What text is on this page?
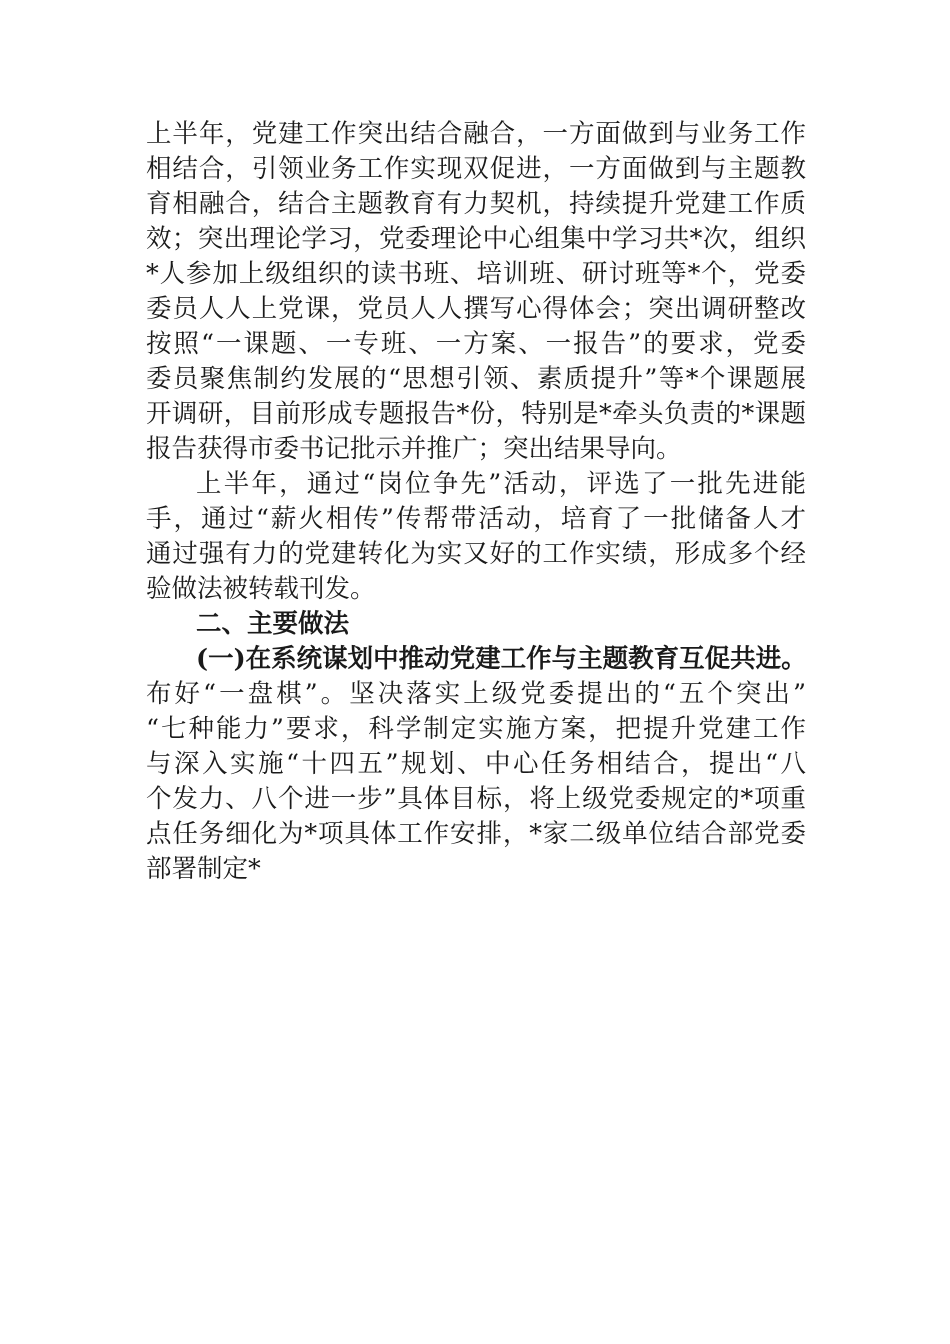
上半年，党建工作突出结合融合，一方面做到与业务工作
相结合，引领业务工作实现双促进，一方面做到与主题教
育相融合，结合主题教育有力契机，持续提升党建工作质
效；突出理论学习，党委理论中心组集中学习共*次，组织
*人参加上级组织的读书班、培训班、研讨班等*个，党委
委员人人上党课，党员人人撰写心得体会；突出调研整改
按照“一课题、一专班、一方案、一报告”的要求，党委
委员聚焦制约发展的“思想引领、素质提升”等*个课题展
开调研，目前形成专题报告*份，特别是*牵头负责的*课题
报告获得市委书记批示并推广；突出结果导向。
上半年，通过“岗位争先”活动，评选了一批先进能
手，通过“薪火相传”传帮带活动，培育了一批储备人才
通过强有力的党建转化为实又好的工作实绩，形成多个经
验做法被转载刊发。
二、主要做法
(一)在系统谋划中推动党建工作与主题教育互促共进。
布好“一盘棋”。坚决落实上级党委提出的“五个突出”
“七种能力”要求，科学制定实施方案，把提升党建工作
与深入实施“十四五”规划、中心任务相结合，提出“八
个发力、八个进一步”具体目标，将上级党委规定的*项重
点任务细化为*项具体工作安排，*家二级单位结合部党委
部署制定*
